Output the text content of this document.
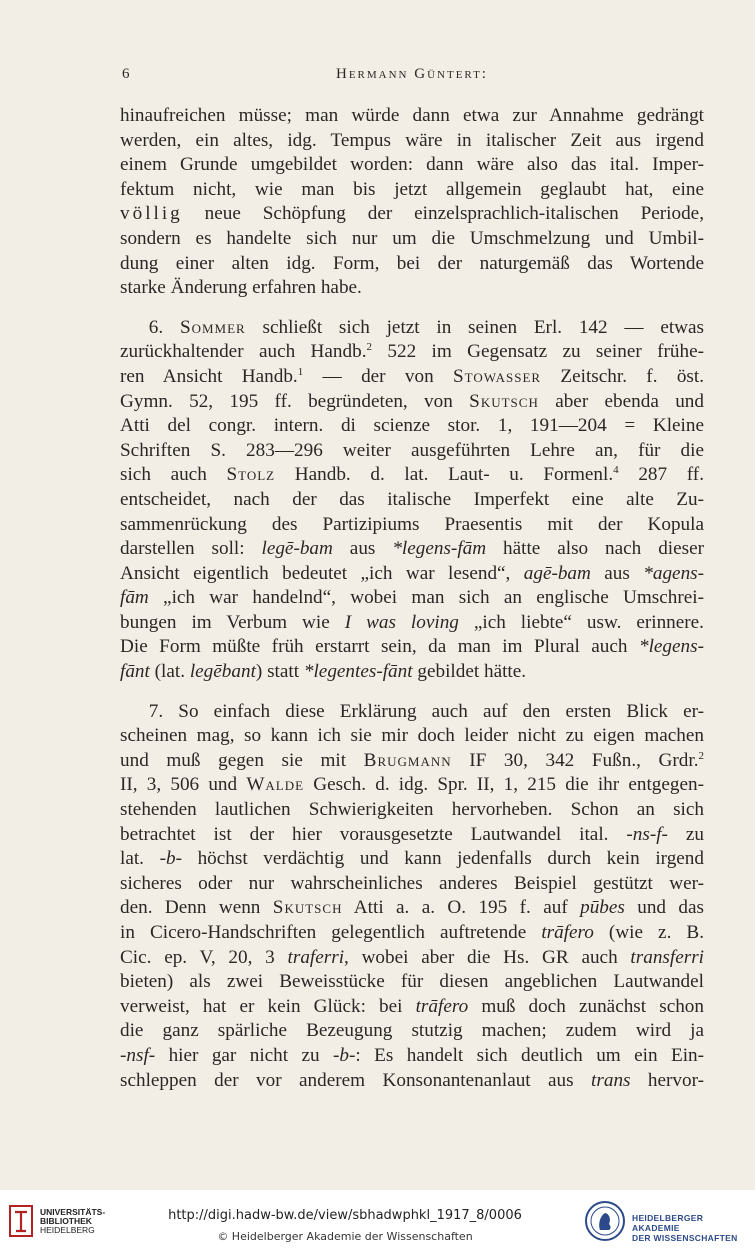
6	Hermann Güntert:

hinaufreichen müsse; man würde dann etwa zur Annahme gedrängt
werden, ein altes, idg. Tempus wäre in italischer Zeit aus irgend
einem Grunde umgebildet worden: dann wäre also das ital. Imper-
fektum nicht, wie man bis jetzt allgemein geglaubt hat, eine
völlig neue Schöpfung der einzelsprachlich-italischen Periode,
sondern es handelte sich nur um die Umschmelzung und Umbil-
dung einer alten idg. Form, bei der naturgemäß das Wortende
starke Änderung erfahren habe.

  6. Sommer schließt sich jetzt in seinen Erl. 142 — etwas
zurückhaltender auch Handb.$^2$ 522 im Gegensatz zu seiner frühe-
ren Ansicht Handb.$^1$ — der von Stowasser Zeitschr. f. öst.
Gymn. 52, 195 ff. begründeten, von Skutsch aber ebenda und
Atti del congr. intern. di scienze stor. 1, 191—204 = Kleine
Schriften S. 283—296 weiter ausgeführten Lehre an, für die
sich auch Stolz Handb. d. lat. Laut- u. Formenl.$^4$ 287 ff.
entscheidet, nach der das italische Imperfekt eine alte Zu-
sammenrückung des Partizipiums Praesentis mit der Kopula
darstellen soll: legē-bam aus *legens-fām hätte also nach dieser
Ansicht eigentlich bedeutet „ich war lesend“, agē-bam aus *agens-
fām „ich war handelnd“, wobei man sich an englische Umschrei-
bungen im Verbum wie I was loving „ich liebte“ usw. erinnere.
Die Form müßte früh erstarrt sein, da man im Plural auch *legens-
fānt (lat. legēbant) statt *legentes-fānt gebildet hätte.

  7. So einfach diese Erklärung auch auf den ersten Blick er-
scheinen mag, so kann ich sie mir doch leider nicht zu eigen machen
und muß gegen sie mit Brugmann IF 30, 342 Fußn., Grdr.$^2$
II, 3, 506 und Walde Gesch. d. idg. Spr. II, 1, 215 die ihr entgegen-
stehenden lautlichen Schwierigkeiten hervorheben. Schon an sich
betrachtet ist der hier vorausgesetzte Lautwandel ital. -ns-f- zu
lat. -b- höchst verdächtig und kann jedenfalls durch kein irgend
sicheres oder nur wahrscheinliches anderes Beispiel gestützt wer-
den. Denn wenn Skutsch Atti a. a. O. 195 f. auf pūbes und das
in Cicero-Handschriften gelegentlich auftretende trāfero (wie z. B.
Cic. ep. V, 20, 3 traferri, wobei aber die Hs. GR auch transferri
bieten) als zwei Beweisstücke für diesen angeblichen Lautwandel
verweist, hat er kein Glück: bei trāfero muß doch zunächst schon
die ganz spärliche Bezeugung stutzig machen; zudem wird ja
-nsf- hier gar nicht zu -b-: Es handelt sich deutlich um ein Ein-
schleppen der vor anderem Konsonantenanlaut aus trans hervor-

UNIVERSITÄTS-
BIBLIOTHEK
HEIDELBERG
http://digi.hadw-bw.de/view/sbhadwphkl_1917_8/0006
© Heidelberger Akademie der Wissenschaften
HEIDELBERGER AKADEMIE
DER WISSENSCHAFTEN
